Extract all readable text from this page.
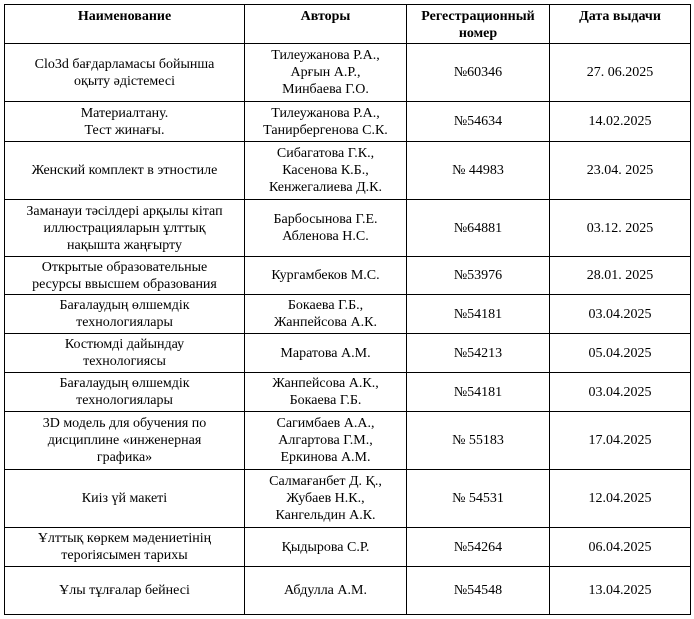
Наименование	Авторы	Регестрационный номер	Дата выдачи
Clo3d бағдарламасы бойынша
оқыту әдістемесі	Тилеужанова Р.А.,
Арғын А.Р.,
Минбаева Г.О.	№60346	27. 06.2025
Материалтану.
Тест жинағы.	Тилеужанова Р.А.,
Танирбергенова С.К.	№54634	14.02.2025
Женский комплект в этностиле	Сибагатова Г.К.,
Касенова К.Б.,
Кенжегалиева Д.К.	№ 44983	23.04. 2025
Заманауи тәсілдері арқылы кітап
иллюстрацияларын ұлттық
нақышта жаңғырту	Барбосынова Г.Е.
Абленова Н.С.	№64881	03.12. 2025
Открытые образовательные
ресурсы ввысшем образования	Кургамбеков М.С.	№53976	28.01. 2025
Бағалаудың өлшемдік
технологиялары	Бокаева Г.Б.,
Жанпейсова А.К.	№54181	03.04.2025
Костюмді дайындау
технологиясы	Маратова А.М.	№54213	05.04.2025
Бағалаудың өлшемдік
технологиялары	Жанпейсова А.К.,
Бокаева Г.Б.	№54181	03.04.2025
3D модель для обучения по
дисциплине «инженерная
графика»	Сагимбаев А.А.,
Алгартова Г.М.,
Еркинова А.М.	№ 55183	17.04.2025
Киіз үй макеті	Салмағанбет Д. Қ.,
Жубаев Н.К.,
Кангельдин А.К.	№ 54531	12.04.2025
Ұлттық көркем мәдениетінің
тероriясымен тарихы	Қыдырова С.Р.	№54264	06.04.2025
Ұлы тұлғалар бейнесі	Абдулла А.М.	№54548	13.04.2025
